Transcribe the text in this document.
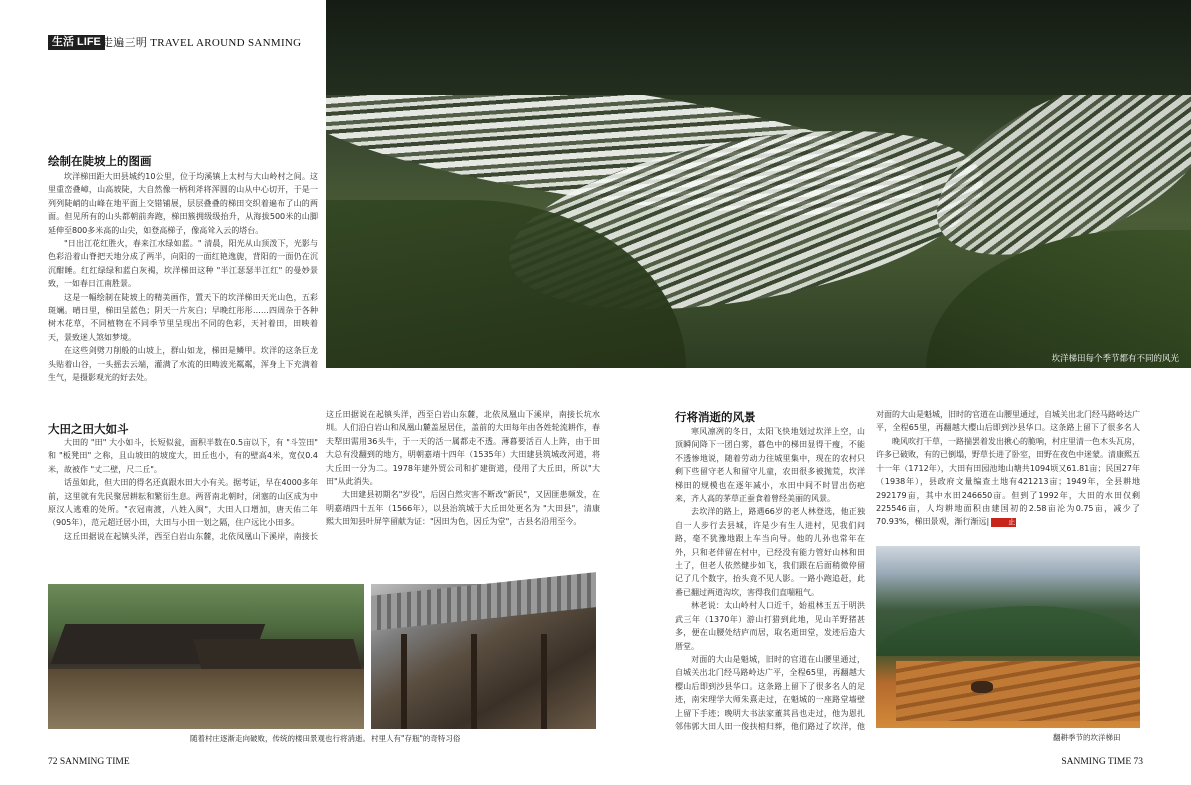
生活 LIFE 走遍三明 TRAVEL AROUND SANMING
坎洋梯田每个季节都有不同的风光
绘制在陡坡上的图画

坎洋梯田距大田县城约10公里，位于均溪镇上太村与大山岭村之间。这里重峦叠嶂，山高坡陡，大自然像一柄利斧将浑圆的山从中心切开，于是一列列陡峭的山峰在地平面上交错铺展，层层叠叠的梯田交织着遍布了山的两面。但见所有的山头都朝前奔跑，梯田簇拥级级抬升，从海拔500米的山脚延伸至800多米高的山尖，如登高梯子，像高耸入云的塔台。

"日出江花红胜火，春来江水绿如蓝。" 清晨，阳光从山顶泼下，光影与色彩沿着山脊把天地分成了两半，向阳的一面红艳逸旎，背阳的一面仍在沉沉酣睡。红红绿绿和蓝白灰褐，坎洋梯田这种 "半江瑟瑟半江红" 的曼妙景致，一如春日江南胜景。

这是一幅绘制在陡坡上的精美画作，置天下的坎洋梯田天光山色，五彩斑斓。晴日里，梯田呈蓝色；阴天一片灰白；早晚红彤彤……四周杂于各种树木花草，不同植物在不同季节里呈现出不同的色彩，天衬着田，田映着天，景致迷人煞如梦境。

在这些剑劈刀削般的山坡上，群山如龙，梯田是鳞甲。坎洋的这条巨龙头贴着山谷，一头摇去云端，灌满了水流的田畴波光粼粼，浑身上下充满着生气，是摄影观光的好去处。

大田之田大如斗

大田的 "田" 大小如斗，长短似瓮，面积半数在0.5亩以下，有 "斗笠田" 和 "板凳田" 之称，且山坡田的坡度大，田丘也小，有的壁高4米，宽仅0.4米，故被作 "丈二壁，尺二丘"。

话虽如此，但大田的得名还真跟水田大小有关。据考证，早在4000多年前，这里就有先民聚居耕耘和繁衍生息。两晋南北朝时，闭塞的山区成为中原汉人逃难的处所。"衣冠南渡，八姓入闽"，大田人口增加，唐天佑二年（905年），范元超迁居小田，大田与小田一划之隔，住户远比小田多。

这丘田据说在起镇头洋，西至白岩山东麓，北依凤凰山下溪岸，南接长

这丘田据说在起镇头洋，西至白岩山东麓，北依凤凰山下溪岸，南接长坑水圳。人们沿白岩山和凤凰山麓盖屋居住，盖前的大田每年由各姓轮流耕作，春夫犁田需用36头牛，于一天的活一属都走不透。薄暮要活百人上阵，由于田大总有没翻到的地方，明朝嘉靖十四年（1535年）大田建县筑城改河道，将大丘田一分为二。1978年建外贸公司和扩建街道，侵用了大丘田，所以"大田"从此消失。

大田建县初期名"岁役"，后因白然灾害不断改"新民"，又因匪患频发，在明嘉靖四十五年（1566年），以县治筑城于大丘田处更名为 "大田县"，清康熙大田知县叶屏竽留献为证："因田为色，因丘为堂"，古县名沿用至今。

行将消逝的风景

寒风凛冽的冬日，太阳飞快地划过坎洋上空，山顶瞬间降下一团白雾，暮色中的梯田显得干瘦，不能不透惨地说，随着劳动力往城里集中，现在的农村只剩下些留守老人和留守儿童，农田很多被抛荒，坎洋梯田的规模也在逐年减小，水田中间不时冒出伤疤来，齐人高的茅草正蚕食着曾经美丽的风景。

去坎洋的路上，路遇66岁的老人林登选，他正独自一人步行去县城，许是少有生人进村，见我们问路，毫不犹豫地跟上车当向导。他的儿孙也常年在外，只和老伴留在村中，已经没有能力管好山林和田土了，但老人依然健步如飞，我们跟在后面稍微停留记了几个数字，抬头竟不见人影。一路小跑追赶，此番已翻过两道沟坎，害得我们直喘粗气。

林老说：太山岭村人口近千，始祖林玉五于明洪武三年（1370年）游山打猎到此地，见山羊野猪甚多，便在山腰处结庐而居，取名逝田堂，发迹后造大厝堂。

对面的大山是魁城，旧时的官道在山腰里通过，自城关出北门经马路岭达广平，全程65里，再翻越大樱山后即到沙县华口。这条路上留下了很多名人的足迹，南宋理学大师朱熹走过，在魁城的一座路堂墙壁上留下手迹；晚明大书法家董其昌也走过，他为恩扎邻伟郭大田人田一俊扶棺归葬，他们路过了坎洋，他

对面的大山是魁城，旧时的官道在山腰里通过，自城关出北门经马路岭达广平，全程65里，再翻越大樱山后即到沙县华口。这条路上留下了很多名人

晚风吹打干草，一路揣罢着发出揪心的脆响，村庄里清一色木头瓦房，许多已破败，有的已倒塌，野草长进了卧室，田野在夜色中迷蒙。清康熙五十一年（1712年），大田有田园池地山塘共1094顷又61.81亩；民国27年（1938年），县政府文量编查土地有421213亩；1949年，全县耕地292179亩，其中水田246650亩。但到了1992年，大田的水田仅剩225546亩，人均耕地面积由建国初的2.58亩沦为0.75亩，减少了70.93%，梯田景观，渐行渐远|	止

随着村庄逐渐走向破败，传统的楼田景观也行将消逝。 村里人有"存瓶"的奇特习俗	翻耕季节的坎洋梯田
72 SANMING TIME	SANMING TIME 73
